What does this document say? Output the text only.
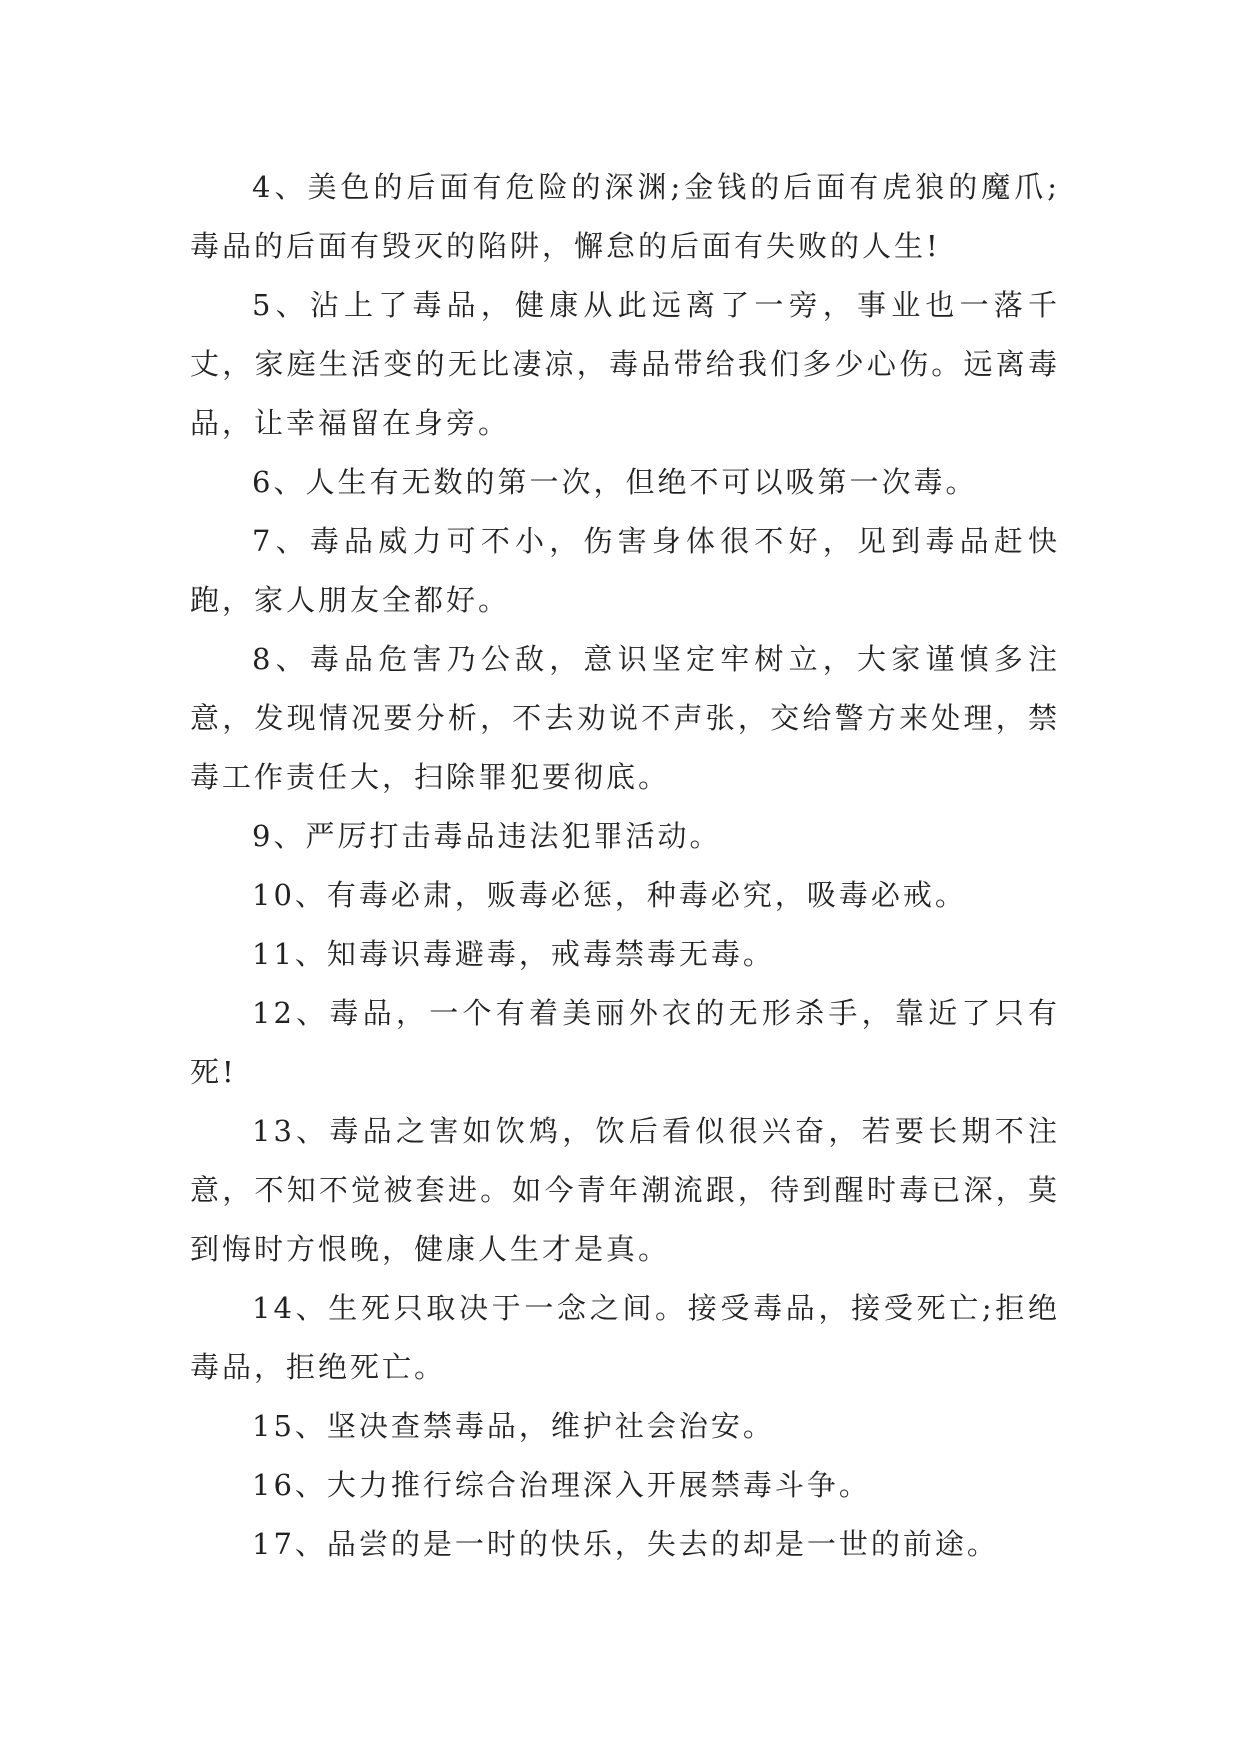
4、美色的后面有危险的深渊;金钱的后面有虎狼的魔爪;毒品的后面有毁灭的陷阱，懈怠的后面有失败的人生!

5、沾上了毒品，健康从此远离了一旁，事业也一落千丈，家庭生活变的无比凄凉，毒品带给我们多少心伤。远离毒品，让幸福留在身旁。

6、人生有无数的第一次，但绝不可以吸第一次毒。

7、毒品威力可不小，伤害身体很不好，见到毒品赶快跑，家人朋友全都好。

8、毒品危害乃公敌，意识坚定牢树立，大家谨慎多注意，发现情况要分析，不去劝说不声张，交给警方来处理，禁毒工作责任大，扫除罪犯要彻底。

9、严厉打击毒品违法犯罪活动。

10、有毒必肃，贩毒必惩，种毒必究，吸毒必戒。

11、知毒识毒避毒，戒毒禁毒无毒。

12、毒品，一个有着美丽外衣的无形杀手，靠近了只有死!

13、毒品之害如饮鸩，饮后看似很兴奋，若要长期不注意，不知不觉被套进。如今青年潮流跟，待到醒时毒已深，莫到悔时方恨晚，健康人生才是真。

14、生死只取决于一念之间。接受毒品，接受死亡;拒绝毒品，拒绝死亡。

15、坚决查禁毒品，维护社会治安。

16、大力推行综合治理深入开展禁毒斗争。

17、品尝的是一时的快乐，失去的却是一世的前途。
